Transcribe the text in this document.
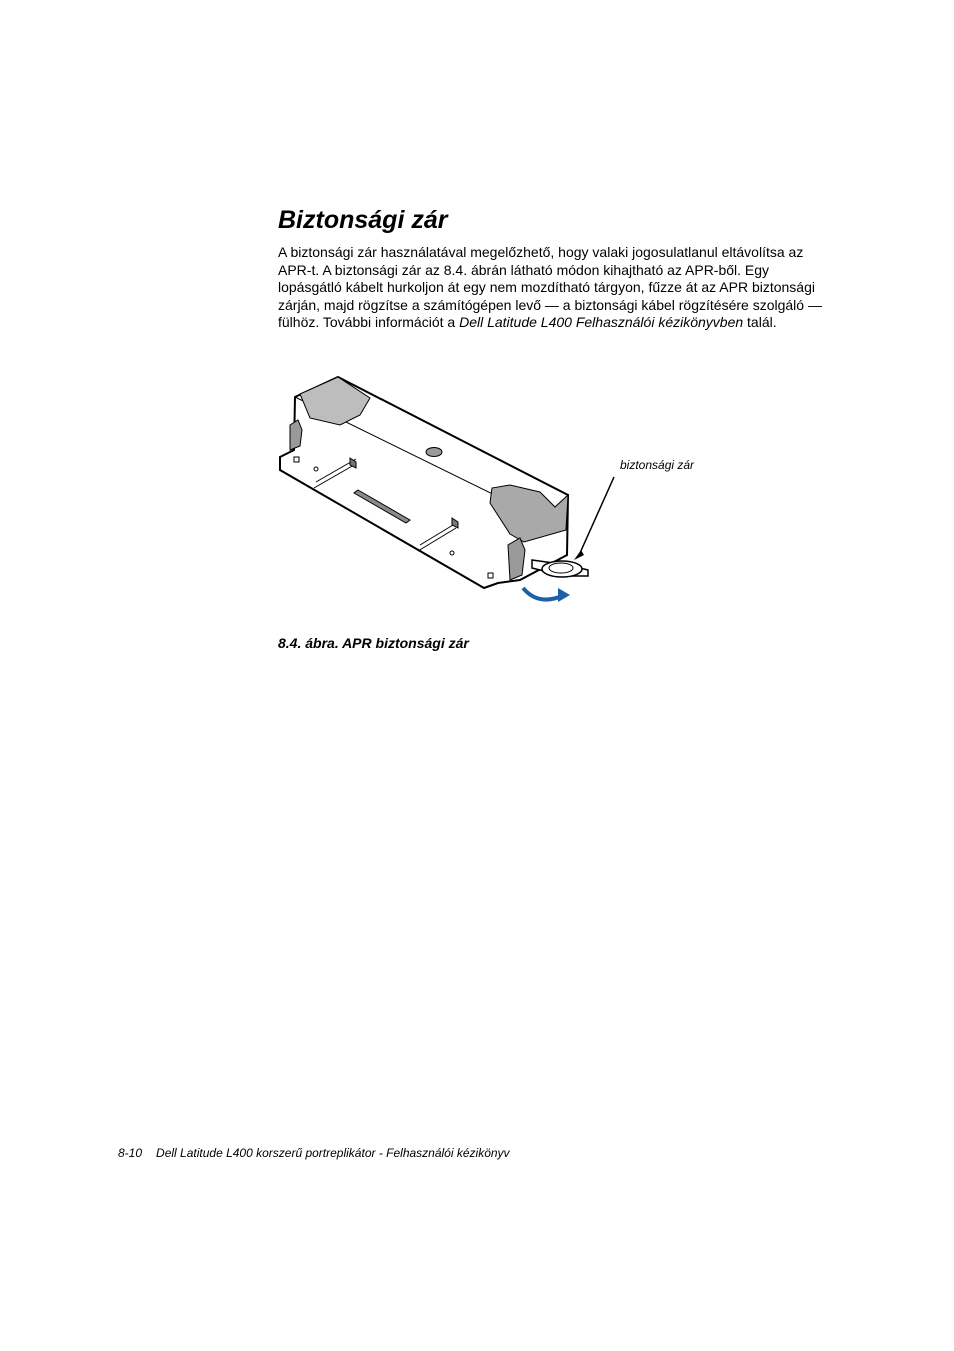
Biztonsági zár

A biztonsági zár használatával megelőzhető, hogy valaki jogosulatlanul eltávolítsa az APR-t. A biztonsági zár az 8.4. ábrán látható módon kihajtható az APR-ből. Egy lopásgátló kábelt hurkoljon át egy nem mozdítható tárgyon, fűzze át az APR biztonsági zárján, majd rögzítse a számítógépen levő — a biztonsági kábel rögzítésére szolgáló — fülhöz. További információt a Dell Latitude L400 Felhasználói kézikönyvben talál.

biztonsági zár
8.4. ábra. APR biztonsági zár
8-10 Dell Latitude L400 korszerű portreplikátor - Felhasználói kézikönyv
